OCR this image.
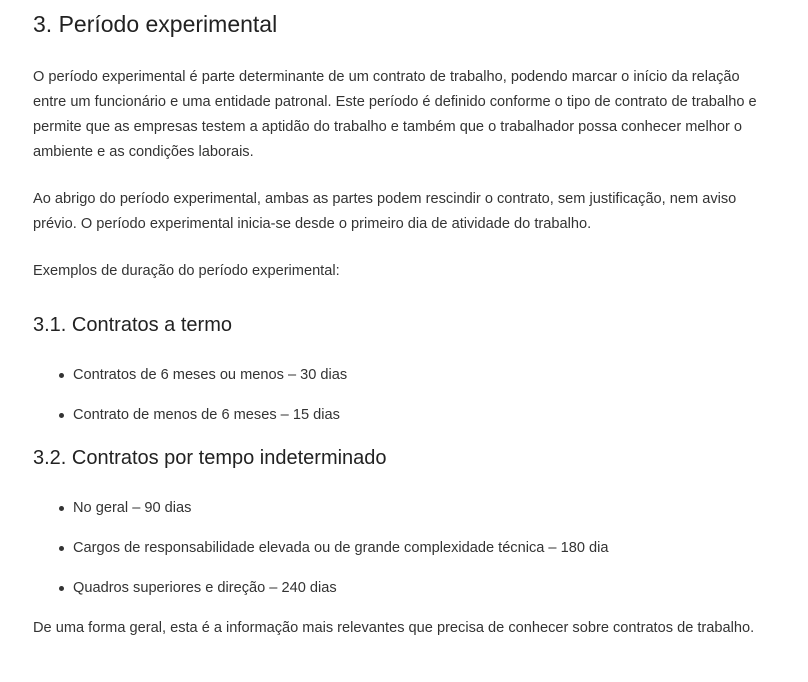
3. Período experimental

O período experimental é parte determinante de um contrato de trabalho, podendo marcar o início da relação entre um funcionário e uma entidade patronal. Este período é definido conforme o tipo de contrato de trabalho e permite que as empresas testem a aptidão do trabalho e também que o trabalhador possa conhecer melhor o ambiente e as condições laborais.

Ao abrigo do período experimental, ambas as partes podem rescindir o contrato, sem justificação, nem aviso prévio. O período experimental inicia-se desde o primeiro dia de atividade do trabalho.

Exemplos de duração do período experimental:

3.1. Contratos a termo
Contratos de 6 meses ou menos – 30 dias
Contrato de menos de 6 meses – 15 dias
3.2. Contratos por tempo indeterminado
No geral – 90 dias
Cargos de responsabilidade elevada ou de grande complexidade técnica – 180 dia
Quadros superiores e direção – 240 dias

De uma forma geral, esta é a informação mais relevantes que precisa de conhecer sobre contratos de trabalho.
